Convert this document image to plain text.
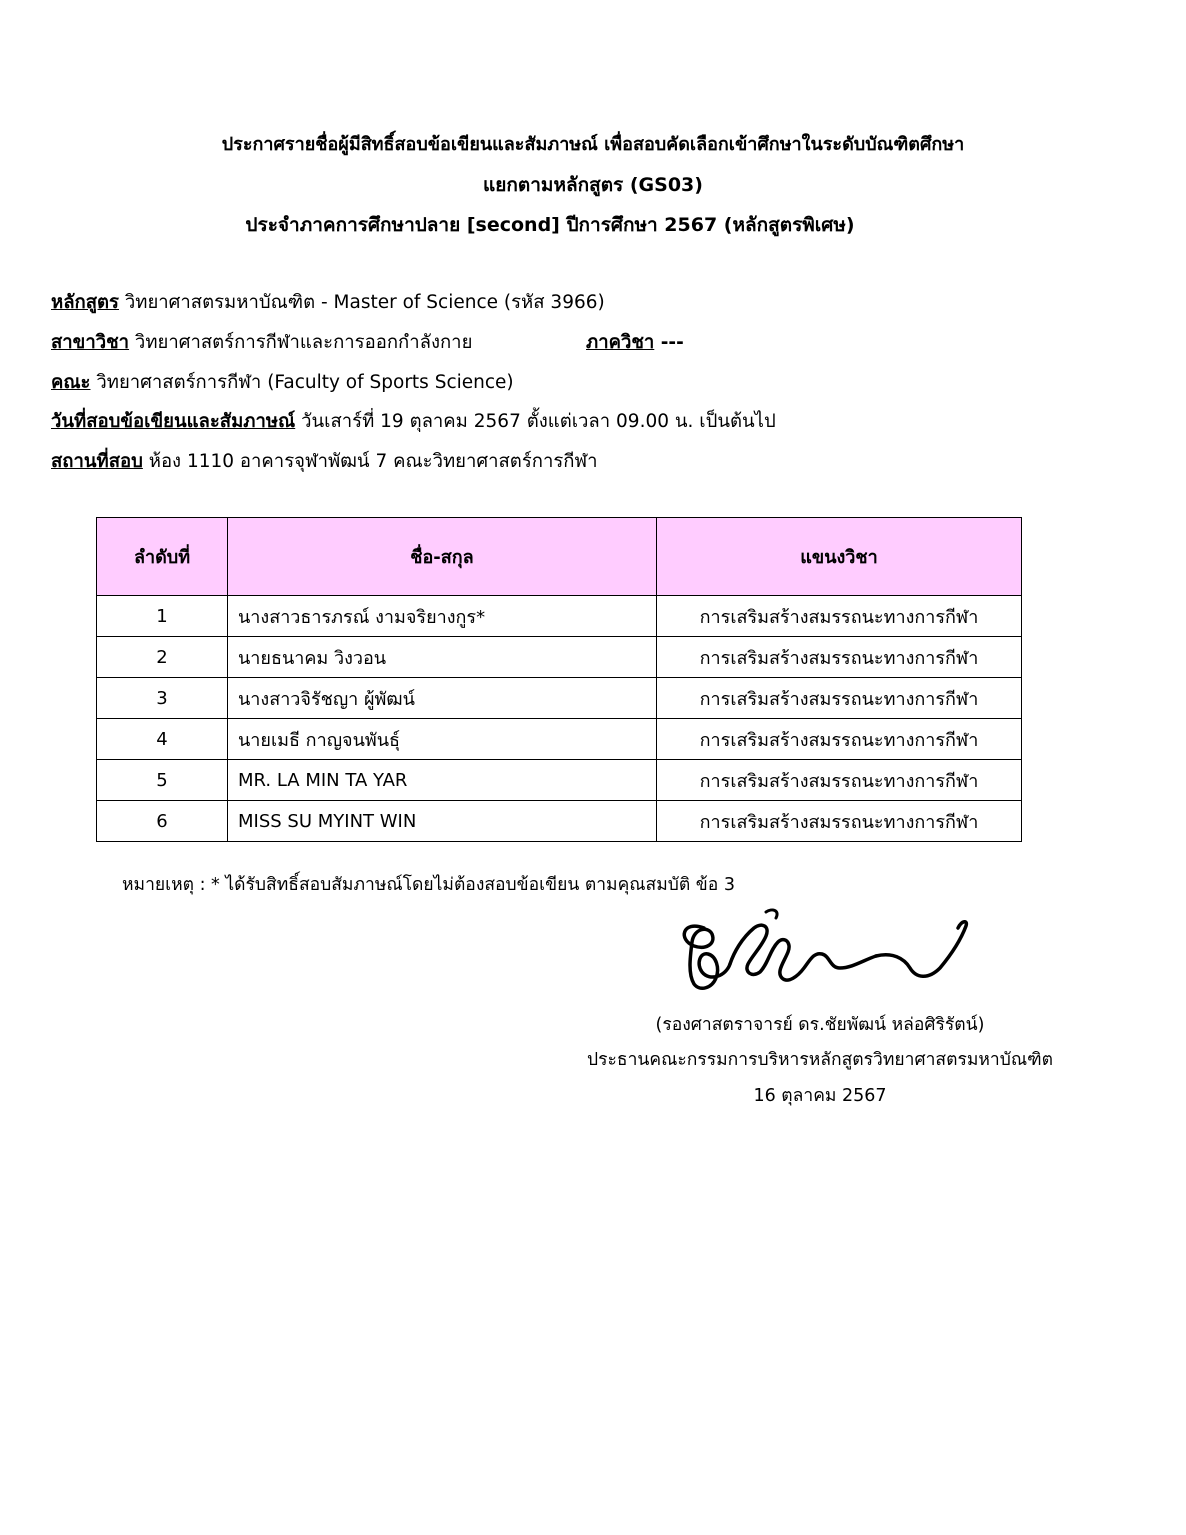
ประกาศรายชื่อผู้มีสิทธิ์สอบข้อเขียนและสัมภาษณ์ เพื่อสอบคัดเลือกเข้าศึกษาในระดับบัณฑิตศึกษา
แยกตามหลักสูตร (GS03)
ประจำภาคการศึกษาปลาย [second] ปีการศึกษา 2567 (หลักสูตรพิเศษ)
หลักสูตร วิทยาศาสตรมหาบัณฑิต - Master of Science (รหัส 3966)
สาขาวิชา วิทยาศาสตร์การกีฬาและการออกกำลังกาย	ภาควิชา ---
คณะ วิทยาศาสตร์การกีฬา (Faculty of Sports Science)
วันที่สอบข้อเขียนและสัมภาษณ์ วันเสาร์ที่ 19 ตุลาคม 2567 ตั้งแต่เวลา 09.00 น. เป็นต้นไป
สถานที่สอบ ห้อง 1110 อาคารจุฬาพัฒน์ 7 คณะวิทยาศาสตร์การกีฬา
ลำดับที่	ชื่อ-สกุล	แขนงวิชา
1	นางสาวธารภรณ์ งามจริยางกูร*	การเสริมสร้างสมรรถนะทางการกีฬา
2	นายธนาคม วิงวอน	การเสริมสร้างสมรรถนะทางการกีฬา
3	นางสาวจิรัชญา ผู้พัฒน์	การเสริมสร้างสมรรถนะทางการกีฬา
4	นายเมธี กาญจนพันธุ์	การเสริมสร้างสมรรถนะทางการกีฬา
5	MR. LA MIN TA YAR	การเสริมสร้างสมรรถนะทางการกีฬา
6	MISS SU MYINT WIN	การเสริมสร้างสมรรถนะทางการกีฬา
หมายเหตุ : * ได้รับสิทธิ์สอบสัมภาษณ์โดยไม่ต้องสอบข้อเขียน ตามคุณสมบัติ ข้อ 3
(รองศาสตราจารย์ ดร.ชัยพัฒน์ หล่อศิริรัตน์)
ประธานคณะกรรมการบริหารหลักสูตรวิทยาศาสตรมหาบัณฑิต
16 ตุลาคม 2567
